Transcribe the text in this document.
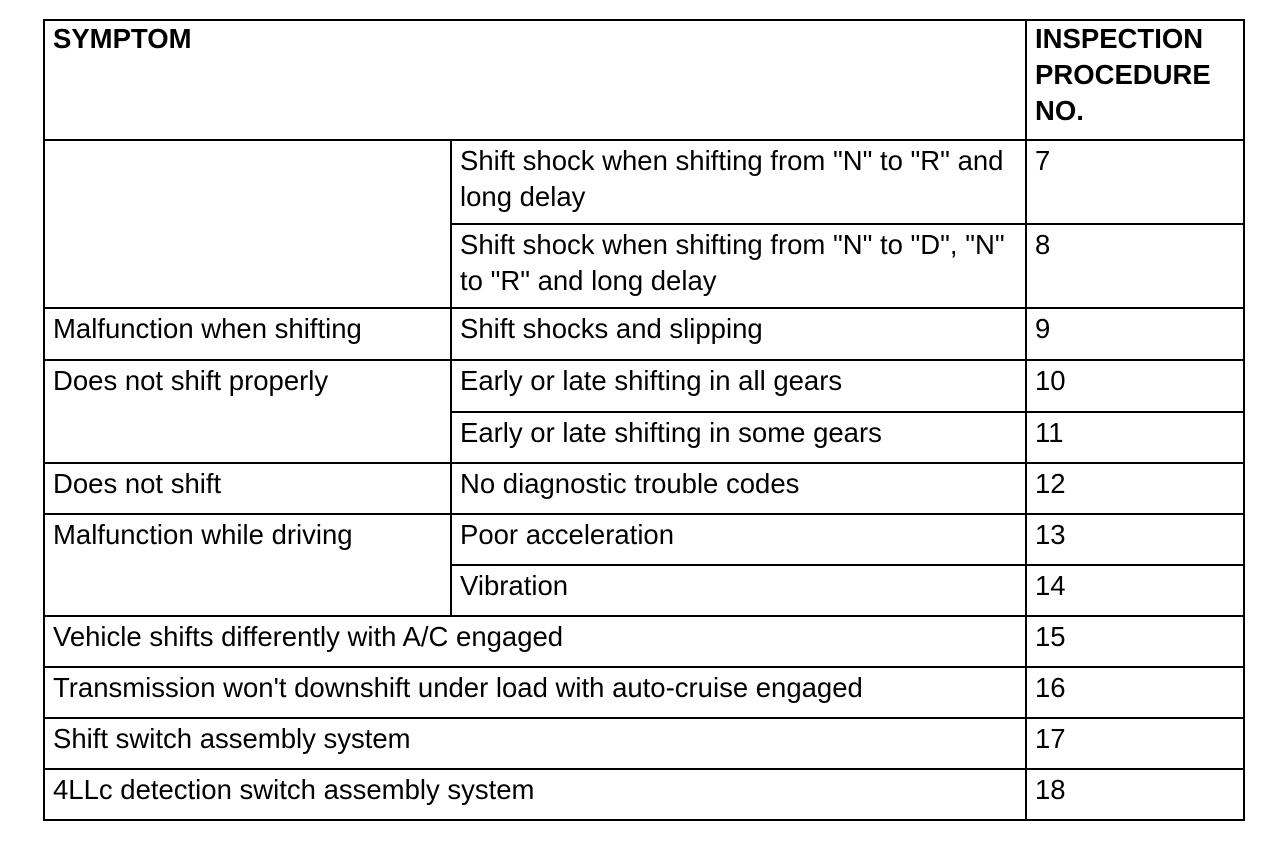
SYMPTOM		INSPECTION
PROCEDURE
NO.
	Shift shock when shifting from "N" to "R" and long delay	7
	Shift shock when shifting from "N" to "D", "N" to "R" and long delay	8
Malfunction when shifting	Shift shocks and slipping	9
Does not shift properly	Early or late shifting in all gears	10
	Early or late shifting in some gears	11
Does not shift	No diagnostic trouble codes	12
Malfunction while driving	Poor acceleration	13
	Vibration	14
Vehicle shifts differently with A/C engaged		15
Transmission won't downshift under load with auto-cruise engaged		16
Shift switch assembly system		17
4LLc detection switch assembly system		18
